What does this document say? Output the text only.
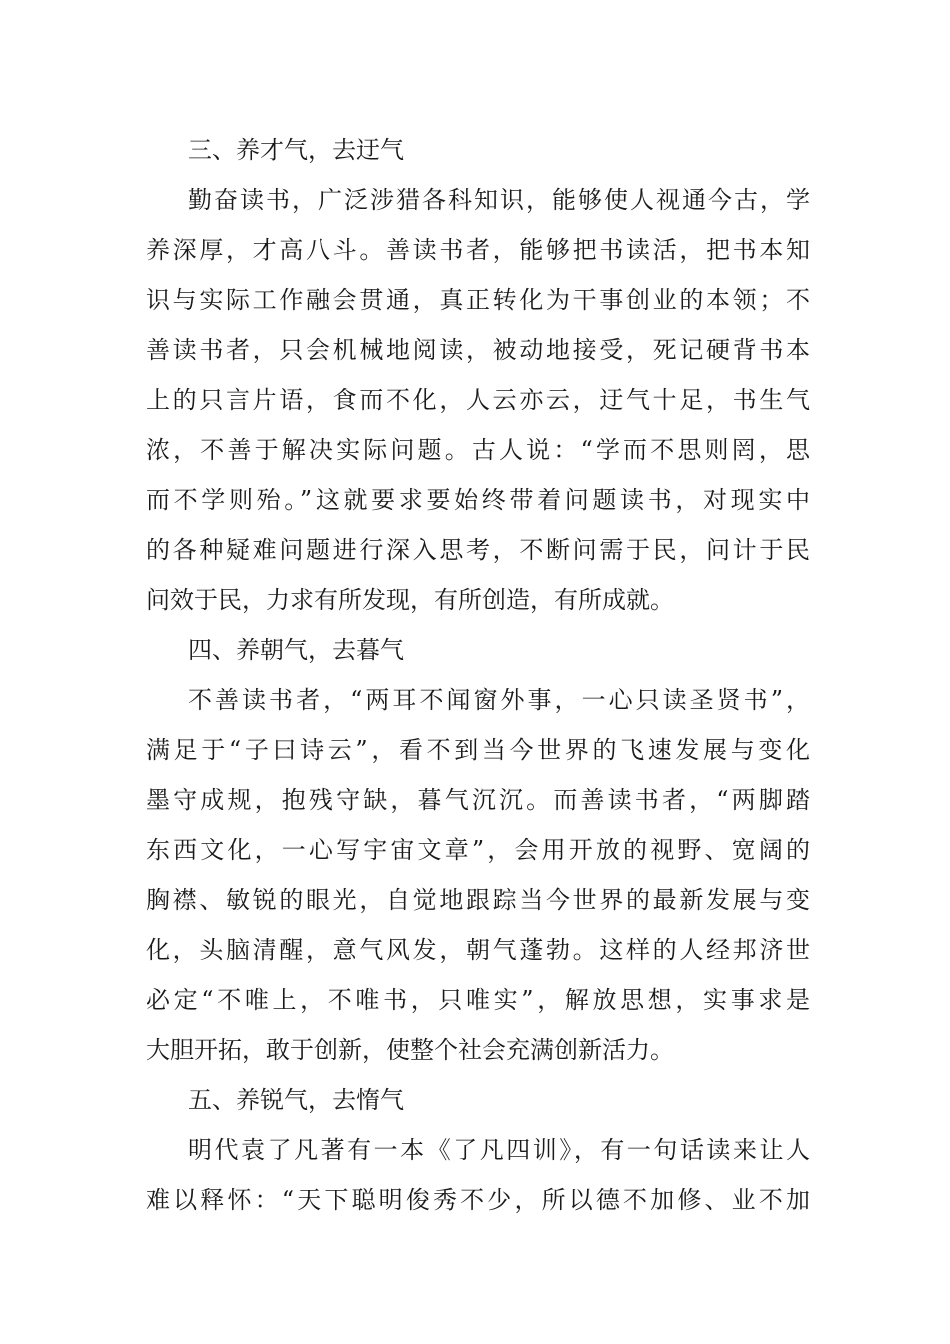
三、养才气，去迂气
勤奋读书，广泛涉猎各科知识，能够使人视通今古，学
养深厚，才高八斗。善读书者，能够把书读活，把书本知
识与实际工作融会贯通，真正转化为干事创业的本领；不
善读书者，只会机械地阅读，被动地接受，死记硬背书本
上的只言片语，食而不化，人云亦云，迂气十足，书生气
浓，不善于解决实际问题。古人说：“学而不思则罔，思
而不学则殆。”这就要求要始终带着问题读书，对现实中
的各种疑难问题进行深入思考，不断问需于民，问计于民
问效于民，力求有所发现，有所创造，有所成就。
四、养朝气，去暮气
不善读书者，“两耳不闻窗外事，一心只读圣贤书”，
满足于“子曰诗云”，看不到当今世界的飞速发展与变化
墨守成规，抱残守缺，暮气沉沉。而善读书者，“两脚踏
东西文化，一心写宇宙文章”，会用开放的视野、宽阔的
胸襟、敏锐的眼光，自觉地跟踪当今世界的最新发展与变
化，头脑清醒，意气风发，朝气蓬勃。这样的人经邦济世
必定“不唯上，不唯书，只唯实”，解放思想，实事求是
大胆开拓，敢于创新，使整个社会充满创新活力。
五、养锐气，去惰气
明代袁了凡著有一本《了凡四训》，有一句话读来让人
难以释怀：“天下聪明俊秀不少，所以德不加修、业不加
